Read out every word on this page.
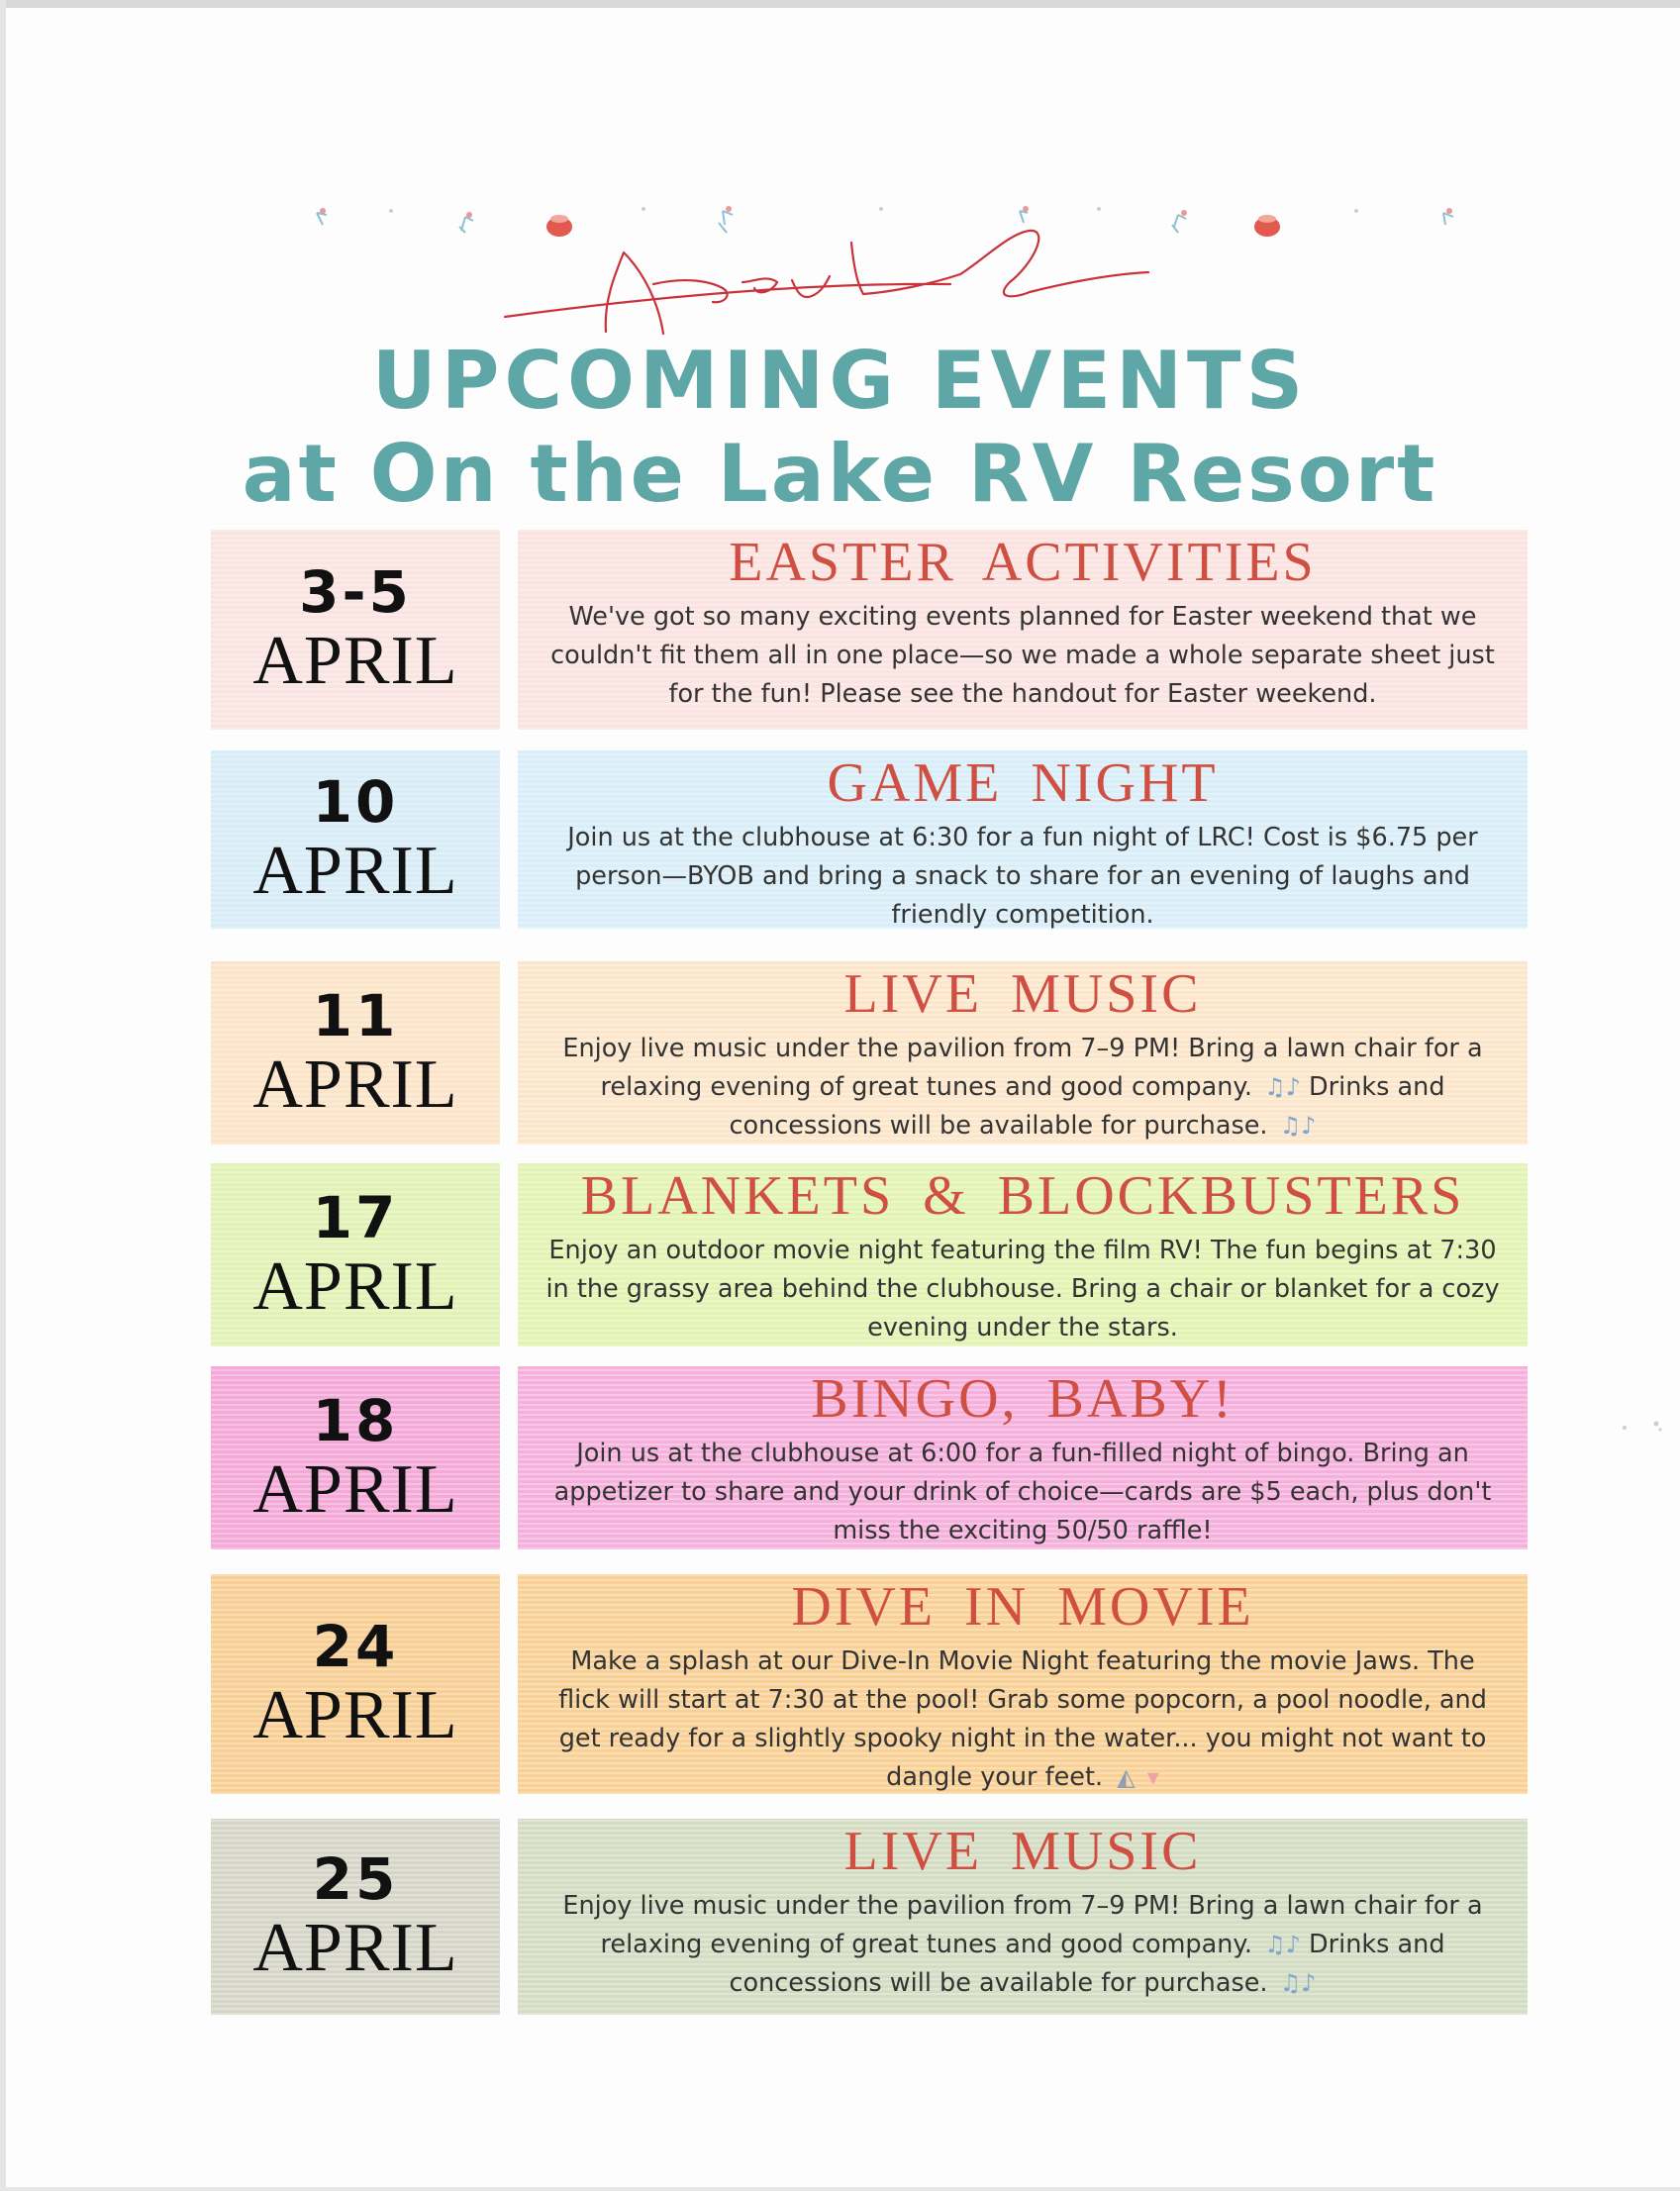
UPCOMING EVENTS
at On the Lake RV Resort
3-5
APRIL
EASTER ACTIVITIES
We've got so many exciting events planned for Easter weekend that we couldn't fit them all in one place—so we made a whole separate sheet just for the fun! Please see the handout for Easter weekend.
10
APRIL
GAME NIGHT
Join us at the clubhouse at 6:30 for a fun night of LRC! Cost is $6.75 per person—BYOB and bring a snack to share for an evening of laughs and friendly competition.
11
APRIL
LIVE MUSIC
Enjoy live music under the pavilion from 7–9 PM! Bring a lawn chair for a relaxing evening of great tunes and good company. ♫♪ Drinks and concessions will be available for purchase. ♫♪
17
APRIL
BLANKETS & BLOCKBUSTERS
Enjoy an outdoor movie night featuring the film RV! The fun begins at 7:30 in the grassy area behind the clubhouse. Bring a chair or blanket for a cozy evening under the stars.
18
APRIL
BINGO, BABY!
Join us at the clubhouse at 6:00 for a fun-filled night of bingo. Bring an appetizer to share and your drink of choice—cards are $5 each, plus don't miss the exciting 50/50 raffle!
24
APRIL
DIVE IN MOVIE
Make a splash at our Dive-In Movie Night featuring the movie Jaws. The flick will start at 7:30 at the pool! Grab some popcorn, a pool noodle, and get ready for a slightly spooky night in the water... you might not want to dangle your feet. ◭ ▾
25
APRIL
LIVE MUSIC
Enjoy live music under the pavilion from 7–9 PM! Bring a lawn chair for a relaxing evening of great tunes and good company. ♫♪ Drinks and concessions will be available for purchase. ♫♪
